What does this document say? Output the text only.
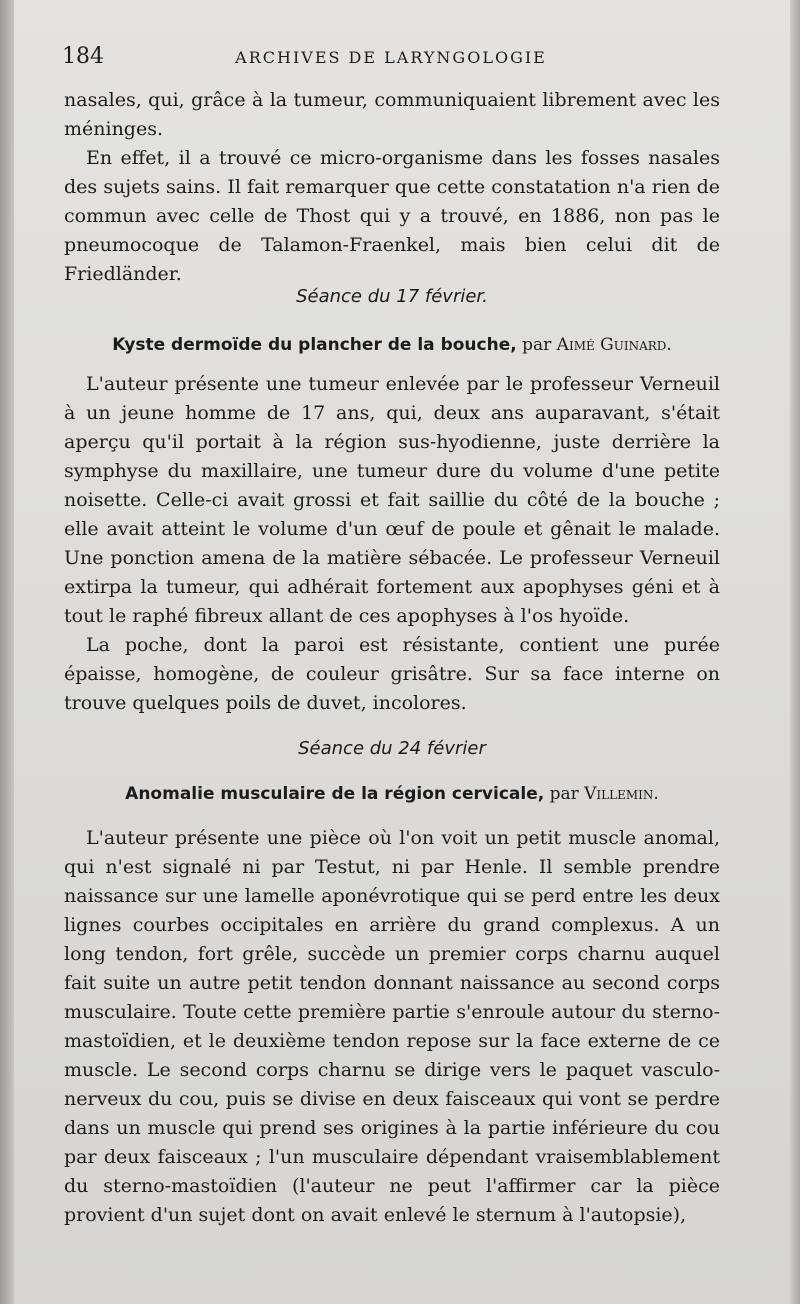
184	ARCHIVES DE LARYNGOLOGIE

nasales, qui, grâce à la tumeur, communiquaient librement avec les méninges.

En effet, il a trouvé ce micro-organisme dans les fosses nasales des sujets sains. Il fait remarquer que cette constatation n'a rien de commun avec celle de Thost qui y a trouvé, en 1886, non pas le pneumocoque de Talamon-Fraenkel, mais bien celui dit de Friedländer.

Séance du 17 février.
Kyste dermoïde du plancher de la bouche, par Aimé Guinard.

L'auteur présente une tumeur enlevée par le professeur Verneuil à un jeune homme de 17 ans, qui, deux ans auparavant, s'était aperçu qu'il portait à la région sus-hyodienne, juste derrière la symphyse du maxillaire, une tumeur dure du volume d'une petite noisette. Celle-ci avait grossi et fait saillie du côté de la bouche ; elle avait atteint le volume d'un œuf de poule et gênait le malade. Une ponction amena de la matière sébacée. Le professeur Verneuil extirpa la tumeur, qui adhérait fortement aux apophyses géni et à tout le raphé fibreux allant de ces apophyses à l'os hyoïde.

La poche, dont la paroi est résistante, contient une purée épaisse, homogène, de couleur grisâtre. Sur sa face interne on trouve quelques poils de duvet, incolores.

Séance du 24 février
Anomalie musculaire de la région cervicale, par Villemin.

L'auteur présente une pièce où l'on voit un petit muscle anomal, qui n'est signalé ni par Testut, ni par Henle. Il semble prendre naissance sur une lamelle aponévrotique qui se perd entre les deux lignes courbes occipitales en arrière du grand complexus. A un long tendon, fort grêle, succède un premier corps charnu auquel fait suite un autre petit tendon donnant naissance au second corps musculaire. Toute cette première partie s'enroule autour du sterno-mastoïdien, et le deuxième tendon repose sur la face externe de ce muscle. Le second corps charnu se dirige vers le paquet vasculo-nerveux du cou, puis se divise en deux faisceaux qui vont se perdre dans un muscle qui prend ses origines à la partie inférieure du cou par deux faisceaux ; l'un musculaire dépendant vraisemblablement du sterno-mastoïdien (l'auteur ne peut l'affirmer car la pièce provient d'un sujet dont on avait enlevé le sternum à l'autopsie),
